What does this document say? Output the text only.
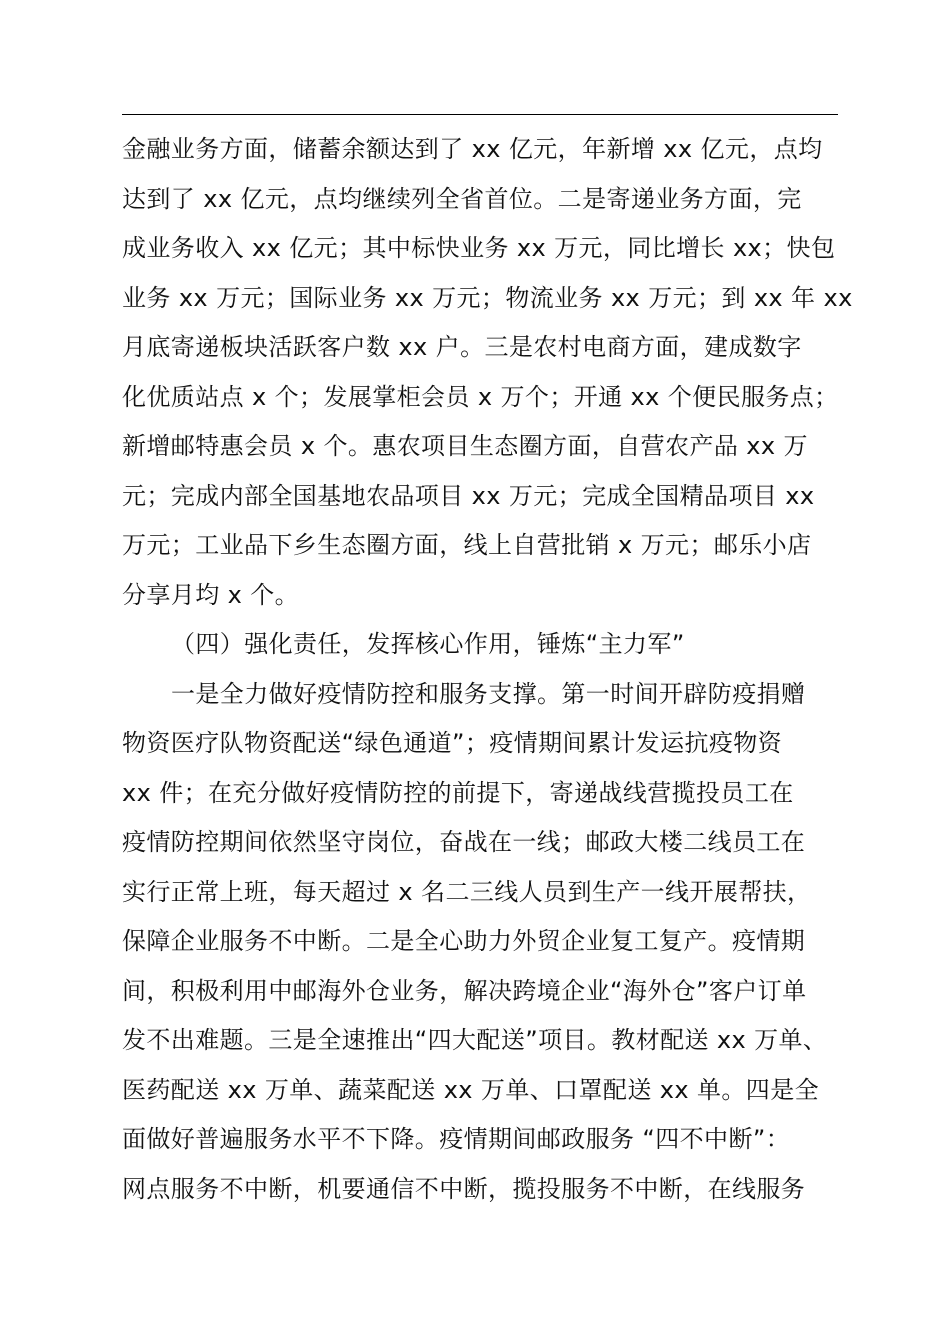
金融业务方面，储蓄余额达到了 xx 亿元，年新增 xx 亿元，点均
达到了 xx 亿元，点均继续列全省首位。二是寄递业务方面，完
成业务收入 xx 亿元；其中标快业务 xx 万元，同比增长 xx；快包
业务 xx 万元；国际业务 xx 万元；物流业务 xx 万元；到 xx 年 xx
月底寄递板块活跃客户数 xx 户。三是农村电商方面，建成数字
化优质站点 x 个；发展掌柜会员 x 万个；开通 xx 个便民服务点；
新增邮特惠会员 x 个。惠农项目生态圈方面，自营农产品 xx 万
元；完成内部全国基地农品项目 xx 万元；完成全国精品项目 xx
万元；工业品下乡生态圈方面，线上自营批销 x 万元；邮乐小店
分享月均 x 个。
（四）强化责任，发挥核心作用，锤炼“主力军”
一是全力做好疫情防控和服务支撑。第一时间开辟防疫捐赠
物资医疗队物资配送“绿色通道”；疫情期间累计发运抗疫物资
xx 件；在充分做好疫情防控的前提下，寄递战线营揽投员工在
疫情防控期间依然坚守岗位，奋战在一线；邮政大楼二线员工在
实行正常上班，每天超过 x 名二三线人员到生产一线开展帮扶，
保障企业服务不中断。二是全心助力外贸企业复工复产。疫情期
间，积极利用中邮海外仓业务，解决跨境企业“海外仓”客户订单
发不出难题。三是全速推出“四大配送”项目。教材配送 xx 万单、
医药配送 xx 万单、蔬菜配送 xx 万单、口罩配送 xx 单。四是全
面做好普遍服务水平不下降。疫情期间邮政服务 “四不中断”：
网点服务不中断，机要通信不中断，揽投服务不中断，在线服务
